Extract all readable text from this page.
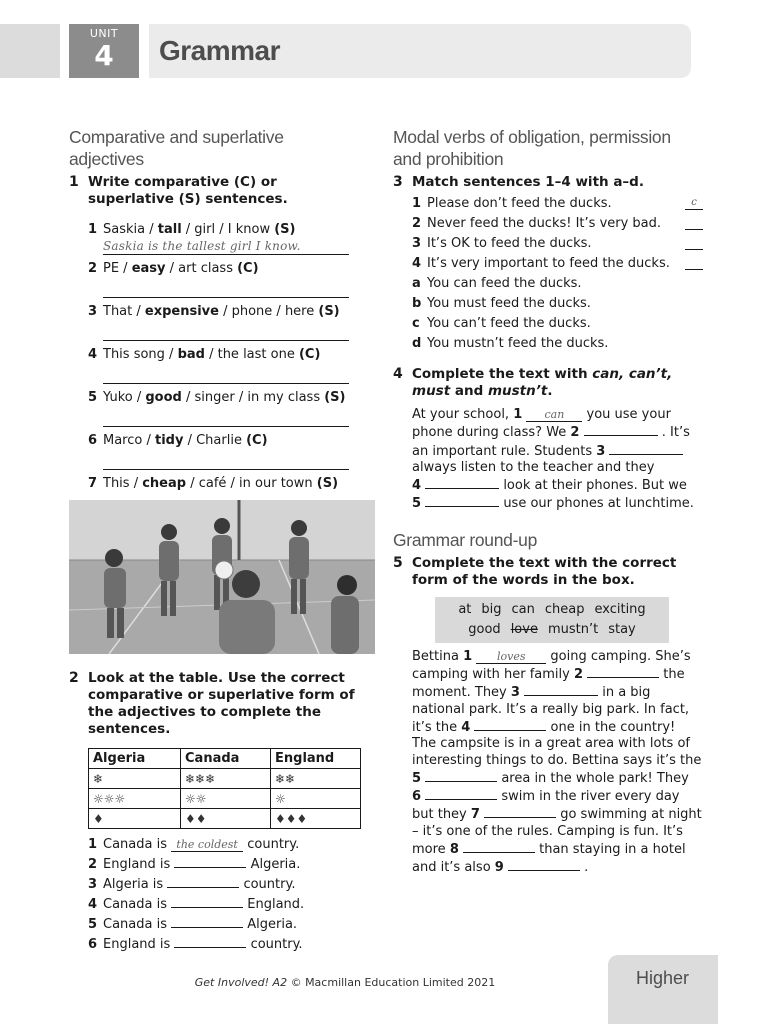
UNIT
4	Grammar
Comparative and superlative adjectives
1 Write comparative (C) or superlative (S) sentences.
1 Saskia / tall / girl / I know (S)
Saskia is the tallest girl I know.
2 PE / easy / art class (C)
3 That / expensive / phone / here (S)
4 This song / bad / the last one (C)
5 Yuko / good / singer / in my class (S)
6 Marco / tidy / Charlie (C)
7 This / cheap / café / in our town (S)
2 Look at the table. Use the correct comparative or superlative form of the adjectives to complete the sentences.
Algeria	Canada	England
❄	❄❄❄	❄❄
☼☼☼	☼☼	☼
♦	♦♦	♦♦♦
1 Canada is the coldest country.
2 England is	Algeria.
3 Algeria is	country.
4 Canada is	England.
5 Canada is	Algeria.
6 England is	country.
Modal verbs of obligation, permission and prohibition
3 Match sentences 1–4 with a–d.
1 Please don’t feed the ducks.	c
2 Never feed the ducks! It’s very bad.
3 It’s OK to feed the ducks.
4 It’s very important to feed the ducks.
a You can feed the ducks.
b You must feed the ducks.
c You can’t feed the ducks.
d You mustn’t feed the ducks.
4 Complete the text with can, can’t, must and mustn’t.
At your school, 1 can you use your phone during class? We 2	. It’s an important rule. Students 3  always listen to the teacher and they
4	look at their phones. But we
5	use our phones at lunchtime.
Grammar round-up
5 Complete the text with the correct form of the words in the box.
at big can cheap exciting
good love mustn’t stay
Bettina 1 loves going camping. She’s camping with her family 2	the moment. They 3	in a big national park. It’s a really big park. In fact, it’s the 4	one in the country! The campsite is in a great area with lots of interesting things to do. Bettina says it’s the
5	area in the whole park! They
6	swim in the river every day but they 7	go swimming at night – it’s one of the rules. Camping is fun. It’s more 8	than staying in a hotel and it’s also 9	.
Get Involved! A2 © Macmillan Education Limited 2021	Higher
